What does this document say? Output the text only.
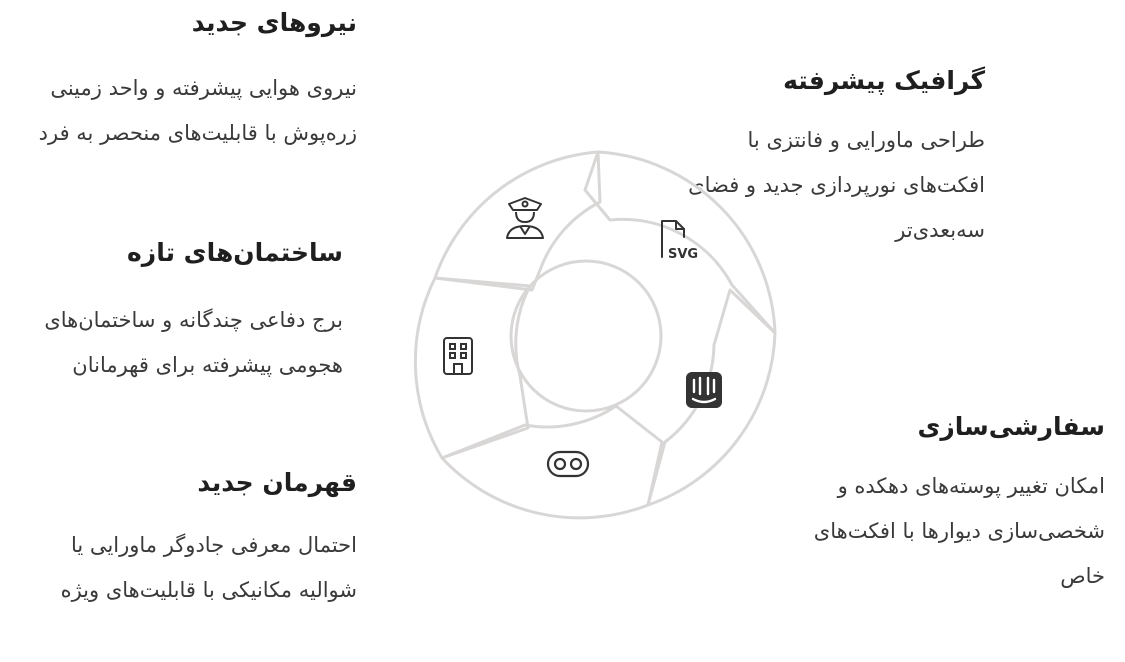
نیروهای جدید

نیروی هوایی پیشرفته و واحد زمینی زره‌پوش با قابلیت‌های منحصر به فرد

ساختمان‌های تازه

برج دفاعی چندگانه و ساختمان‌های هجومی پیشرفته برای قهرمانان

قهرمان جدید

احتمال معرفی جادوگر ماورایی یا شوالیه مکانیکی با قابلیت‌های ویژه

گرافیک پیشرفته

طراحی ماورایی و فانتزی با افکت‌های نورپردازی جدید و فضای سه‌بعدی‌تر

سفارشی‌سازی

امکان تغییر پوسته‌های دهکده و شخصی‌سازی دیوارها با افکت‌های خاص

SVG
